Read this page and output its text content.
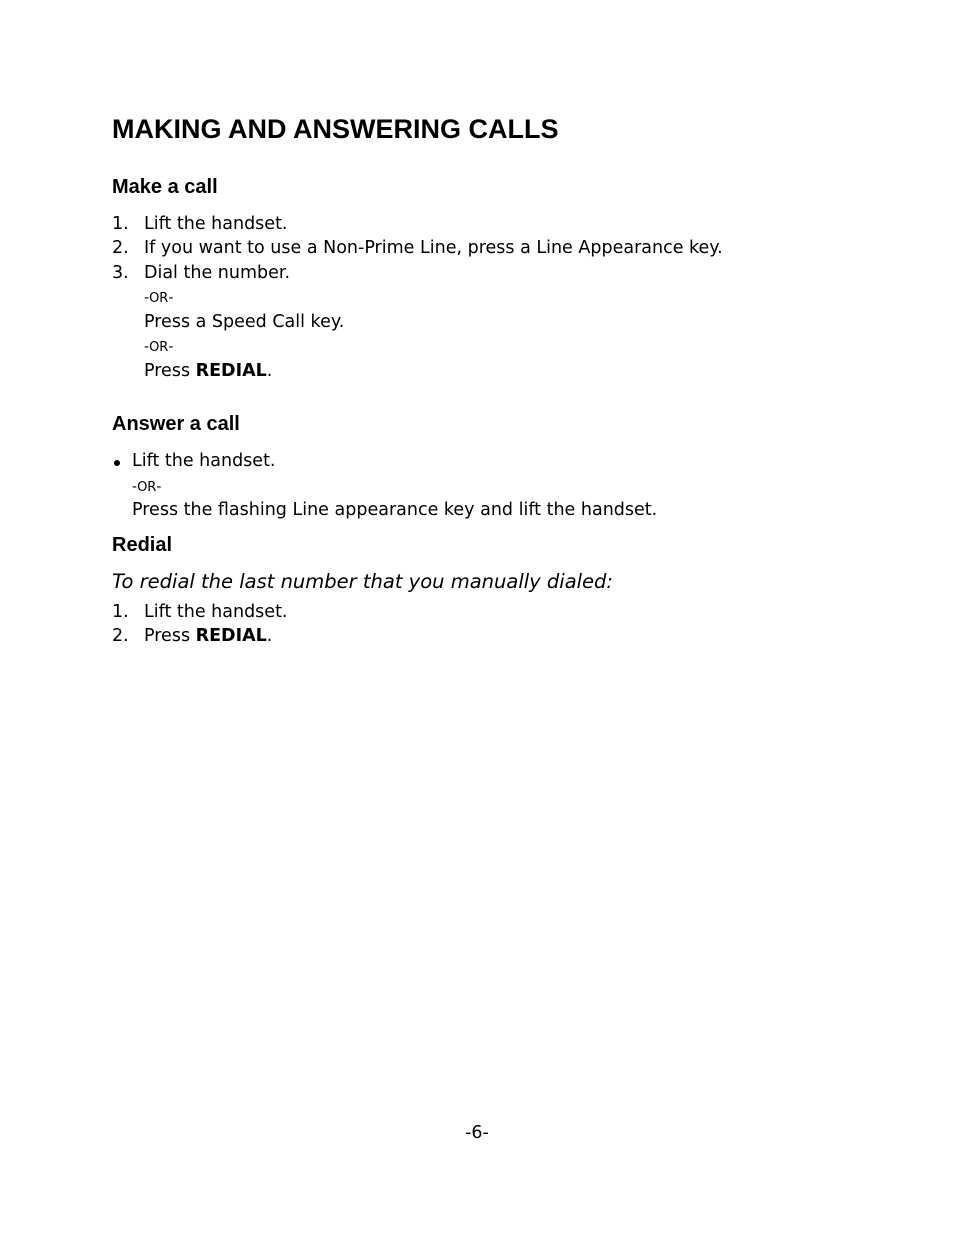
MAKING AND ANSWERING CALLS
Make a call
1. Lift the handset.
2. If you want to use a Non-Prime Line, press a Line Appearance key.
3. Dial the number.
-OR-
Press a Speed Call key.
-OR-
Press REDIAL.
Answer a call
Lift the handset.
-OR-
Press the flashing Line appearance key and lift the handset.
Redial
To redial the last number that you manually dialed:
1. Lift the handset.
2. Press REDIAL.
-6-
